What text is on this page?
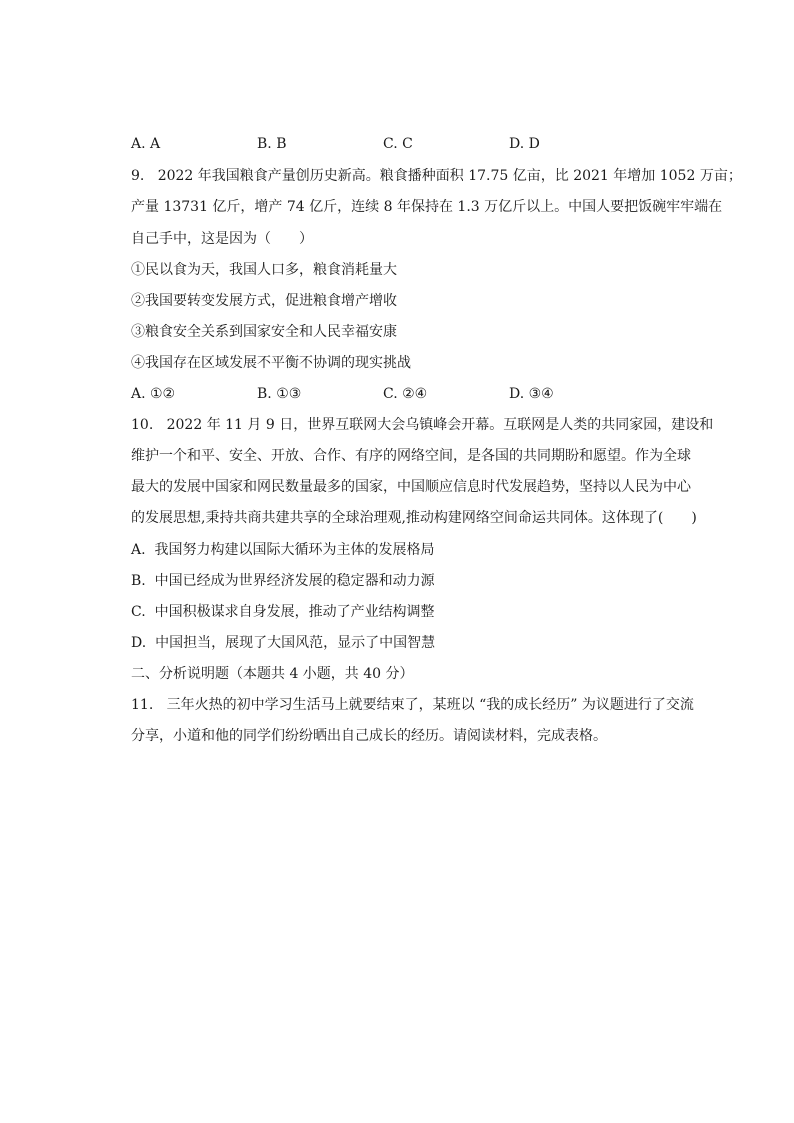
A. A	B. B	C. C	D. D
9.   2022 年我国粮食产量创历史新高。粮食播种面积 17.75 亿亩，比 2021 年增加 1052 万亩；
产量 13731 亿斤，增产 74 亿斤，连续 8 年保持在 1.3 万亿斤以上。中国人要把饭碗牢牢端在
自己手中，这是因为（　　）
①民以食为天，我国人口多，粮食消耗量大
②我国要转变发展方式，促进粮食增产增收
③粮食安全关系到国家安全和人民幸福安康
④我国存在区域发展不平衡不协调的现实挑战
A. ①②	B. ①③	C. ②④	D. ③④
10.   2022 年 11 月 9 日，世界互联网大会乌镇峰会开幕。互联网是人类的共同家园，建设和
维护一个和平、安全、开放、合作、有序的网络空间，是各国的共同期盼和愿望。作为全球
最大的发展中国家和网民数量最多的国家，中国顺应信息时代发展趋势，坚持以人民为中心
的发展思想,秉持共商共建共享的全球治理观,推动构建网络空间命运共同体。这体现了(　　)
A.  我国努力构建以国际大循环为主体的发展格局
B.  中国已经成为世界经济发展的稳定器和动力源
C.  中国积极谋求自身发展，推动了产业结构调整
D.  中国担当，展现了大国风范，显示了中国智慧
二、分析说明题（本题共 4 小题，共 40 分）
11.   三年火热的初中学习生活马上就要结束了，某班以 “我的成长经历” 为议题进行了交流
分享，小道和他的同学们纷纷晒出自己成长的经历。请阅读材料，完成表格。
